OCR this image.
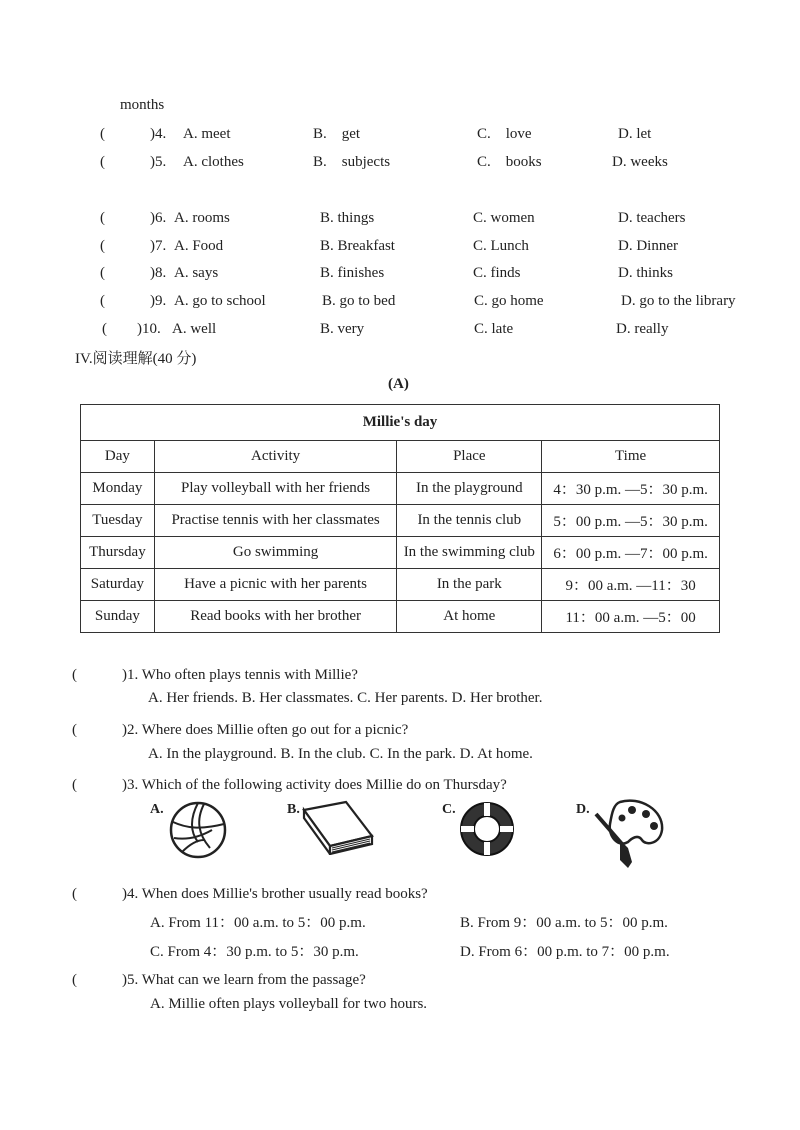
months
(　　　)4. A. meet	B.　get	C.　love	D. let
(　　　)5. A. clothes	B.　subjects	C.　books	D. weeks
(　　　)6. A. rooms	B. things	C. women	D. teachers
(　　　)7. A. Food	B. Breakfast	C. Lunch	D. Dinner
(　　　)8. A. says	B. finishes	C. finds	D. thinks
(　　　)9. A. go to school	B. go to bed	C. go home	D. go to the library
(　　)10. A. well	B. very	C. late	D. really
IV.阅读理解(40 分)
(A)
Millie's day			
Day	Activity	Place	Time
Monday	Play volleyball with her friends	In the playground	4：30 p.m. —5：30 p.m.
Tuesday	Practise tennis with her classmates	In the tennis club	5：00 p.m. —5：30 p.m.
Thursday	Go swimming	In the swimming club	6：00 p.m. —7：00 p.m.
Saturday	Have a picnic with her parents	In the park	9：00 a.m. —11：30
Sunday	Read books with her brother	At home	11：00 a.m. —5：00
(　　　)1. Who often plays tennis with Millie?
A. Her friends. B. Her classmates. C. Her parents. D. Her brother.
(　　　)2. Where does Millie often go out for a picnic?
A. In the playground. B. In the club. C. In the park. D. At home.
(　　　)3. Which of the following activity does Millie do on Thursday?
A.	B.	C.	D.
(　　　)4. When does Millie's brother usually read books?
A. From 11：00 a.m. to 5：00 p.m.	B. From 9：00 a.m. to 5：00 p.m.
C. From 4：30 p.m. to 5：30 p.m.	D. From 6：00 p.m. to 7：00 p.m.
(　　　)5. What can we learn from the passage?
A. Millie often plays volleyball for two hours.
